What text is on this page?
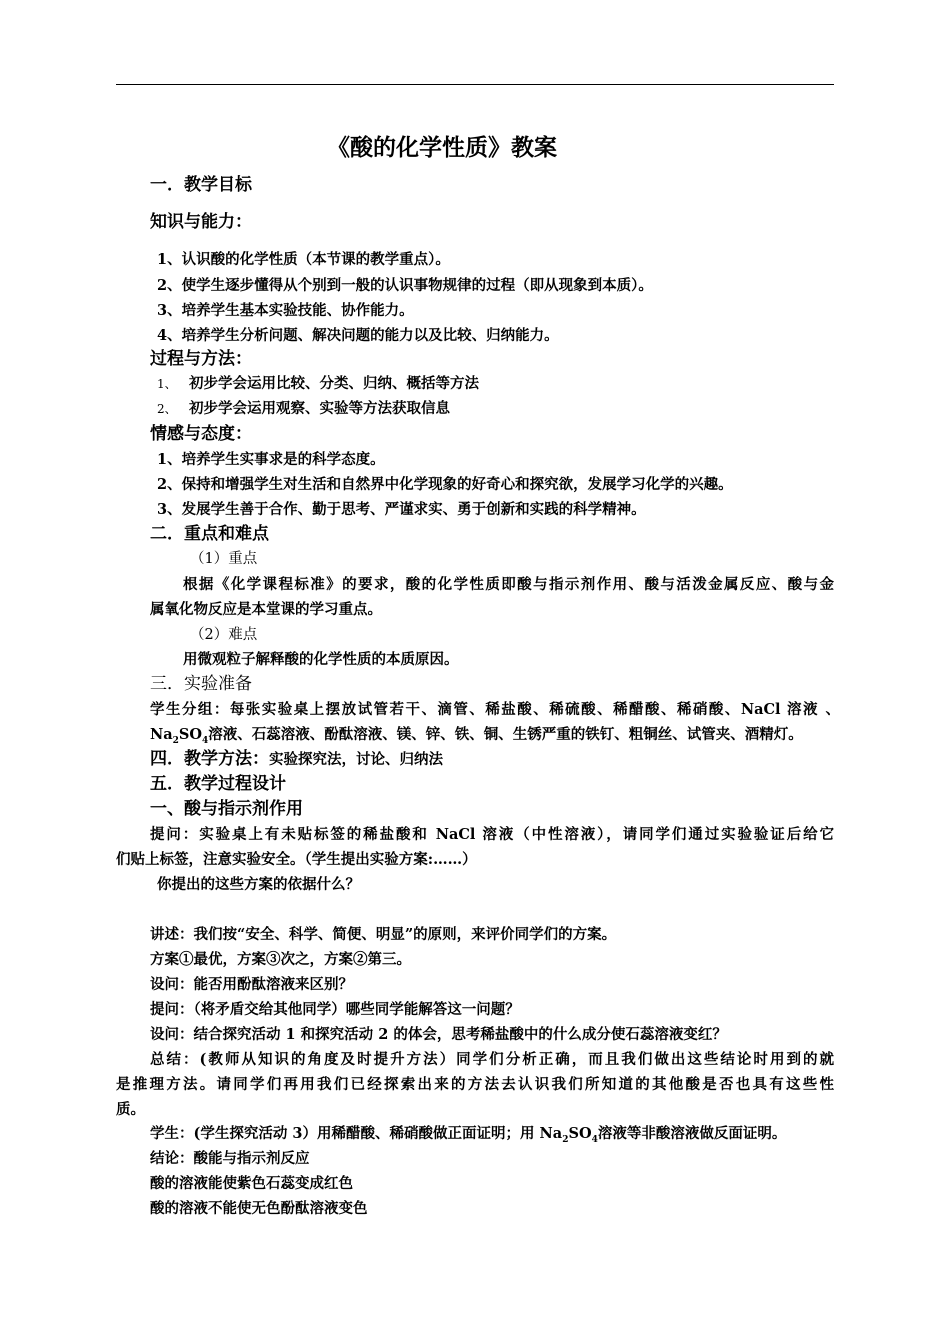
《酸的化学性质》教案
一．教学目标
知识与能力：
1、认识酸的化学性质（本节课的教学重点）。
2、使学生逐步懂得从个别到一般的认识事物规律的过程（即从现象到本质）。
3、培养学生基本实验技能、协作能力。
4、培养学生分析问题、解决问题的能力以及比较、归纳能力。
过程与方法：
1、 初步学会运用比较、分类、归纳、概括等方法
2、 初步学会运用观察、实验等方法获取信息
情感与态度：
1、培养学生实事求是的科学态度。
2、保持和增强学生对生活和自然界中化学现象的好奇心和探究欲，发展学习化学的兴趣。
3、发展学生善于合作、勤于思考、严谨求实、勇于创新和实践的科学精神。
二．重点和难点
（1）重点
根据《化学课程标准》的要求，酸的化学性质即酸与指示剂作用、酸与活泼金属反应、酸与金
属氧化物反应是本堂课的学习重点。
（2）难点
用微观粒子解释酸的化学性质的本质原因。
三．实验准备
学生分组：每张实验桌上摆放试管若干、滴管、稀盐酸、稀硫酸、稀醋酸、稀硝酸、NaCl 溶液 、
$Na_2SO_4$溶液、石蕊溶液、酚酞溶液、镁、锌、铁、铜、生锈严重的铁钉、粗铜丝、试管夹、酒精灯。
四．教学方法：实验探究法，讨论、归纳法
五．教学过程设计
一、酸与指示剂作用
提问：实验桌上有未贴标签的稀盐酸和 NaCl 溶液（中性溶液），请同学们通过实验验证后给它
们贴上标签，注意实验安全。（学生提出实验方案:……）
你提出的这些方案的依据什么？
讲述：我们按“安全、科学、简便、明显”的原则，来评价同学们的方案。
方案①最优，方案③次之，方案②第三。
设问：能否用酚酞溶液来区别？
提问：（将矛盾交给其他同学）哪些同学能解答这一问题？
设问：结合探究活动 1 和探究活动 2 的体会，思考稀盐酸中的什么成分使石蕊溶液变红？
总结：(教师从知识的角度及时提升方法）同学们分析正确，而且我们做出这些结论时用到的就
是推理方法。请同学们再用我们已经探索出来的方法去认识我们所知道的其他酸是否也具有这些性
质。
学生：(学生探究活动 3）用稀醋酸、稀硝酸做正面证明；用 $Na_2SO_4$溶液等非酸溶液做反面证明。
结论：酸能与指示剂反应
酸的溶液能使紫色石蕊变成红色
酸的溶液不能使无色酚酞溶液变色
